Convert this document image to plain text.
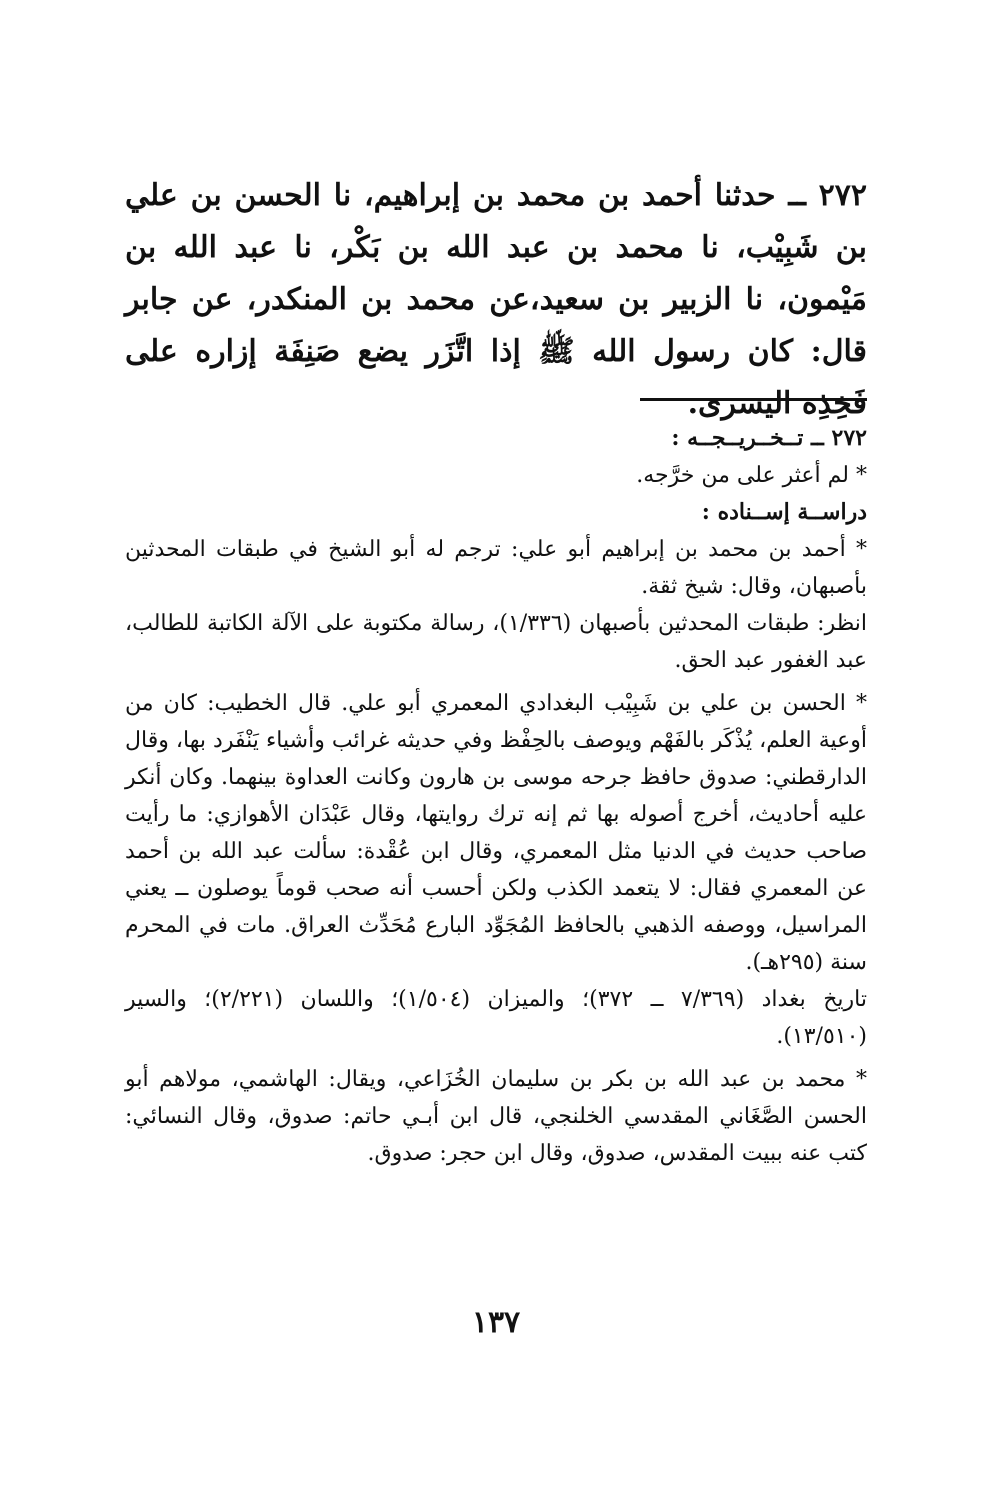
٢٧٢ ــ حدثنا أحمد بن محمد بن إبراهيم، نا الحسن بن علي بن شَبِيْب، نا محمد بن عبد الله بن بَكْر، نا عبد الله بن مَيْمون، نا الزبير بن سعيد،عن محمد بن المنكدر، عن جابر قال: كان رسول الله ﷺ إذا اتَّزَر يضع صَنِفَة إزاره على فَخِذِه اليسرى.

٢٧٢ ــ تــخــريــجــه :

* لم أعثر على من خرَّجه.

دراســة إســناده :

* أحمد بن محمد بن إبراهيم أبو علي: ترجم له أبو الشيخ في طبقات المحدثين بأصبهان، وقال: شيخ ثقة.

انظر: طبقات المحدثين بأصبهان (١/٣٣٦)، رسالة مكتوبة على الآلة الكاتبة للطالب، عبد الغفور عبد الحق.

* الحسن بن علي بن شَبِيْب البغدادي المعمري أبو علي. قال الخطيب: كان من أوعية العلم، يُذْكَر بالفَهْم ويوصف بالحِفْظ وفي حديثه غرائب وأشياء يَنْفَرد بها، وقال الدارقطني: صدوق حافظ جرحه موسى بن هارون وكانت العداوة بينهما. وكان أنكر عليه أحاديث، أخرج أصوله بها ثم إنه ترك روايتها، وقال عَبْدَان الأهوازي: ما رأيت صاحب حديث في الدنيا مثل المعمري، وقال ابن عُقْدة: سألت عبد الله بن أحمد عن المعمري فقال: لا يتعمد الكذب ولكن أحسب أنه صحب قوماً يوصلون ــ يعني المراسيل، ووصفه الذهبي بالحافظ المُجَوِّد البارع مُحَدِّث العراق. مات في المحرم سنة (٢٩٥هـ).

تاريخ بغداد (٧/٣٦٩ ــ ٣٧٢)؛ والميزان (١/٥٠٤)؛ واللسان (٢/٢٢١)؛ والسير (١٣/٥١٠).

* محمد بن عبد الله بن بكر بن سليمان الخُزَاعي، ويقال: الهاشمي، مولاهم أبو الحسن الصَّغَاني المقدسي الخلنجي، قال ابن أبـي حاتم: صدوق، وقال النسائي: كتب عنه ببيت المقدس، صدوق، وقال ابن حجر: صدوق.

١٣٧
